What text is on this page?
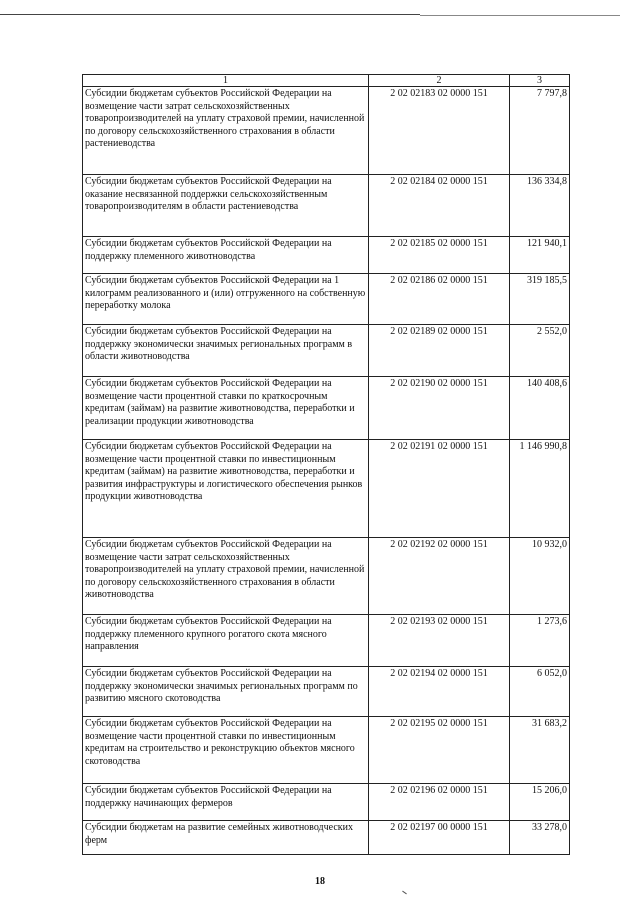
1	2	3
Субсидии бюджетам субъектов Российской Федерации на возмещение части затрат сельскохозяйственных товаропроизводителей на уплату страховой премии, начисленной по договору сельскохозяйственного страхования в области растениеводства	2 02 02183 02 0000 151	7 797,8
Субсидии бюджетам субъектов Российской Федерации на оказание несвязанной поддержки сельскохозяйственным товаропроизводителям в области растениеводства	2 02 02184 02 0000 151	136 334,8
Субсидии бюджетам субъектов Российской Федерации на поддержку племенного животноводства	2 02 02185 02 0000 151	121 940,1
Субсидии бюджетам субъектов Российской Федерации на 1 килограмм реализованного и (или) отгруженного на собственную переработку молока	2 02 02186 02 0000 151	319 185,5
Субсидии бюджетам субъектов Российской Федерации на поддержку экономически значимых региональных программ в области животноводства	2 02 02189 02 0000 151	2 552,0
Субсидии бюджетам субъектов Российской Федерации на возмещение части процентной ставки по краткосрочным кредитам (займам) на развитие животноводства, переработки и реализации продукции животноводства	2 02 02190 02 0000 151	140 408,6
Субсидии бюджетам субъектов Российской Федерации на возмещение части процентной ставки по инвестиционным кредитам (займам) на развитие животноводства, переработки и развития инфраструктуры и логистического обеспечения рынков продукции животноводства	2 02 02191 02 0000 151	1 146 990,8
Субсидии бюджетам субъектов Российской Федерации на возмещение части затрат сельскохозяйственных товаропроизводителей на уплату страховой премии, начисленной по договору сельскохозяйственного страхования в области животноводства	2 02 02192 02 0000 151	10 932,0
Субсидии бюджетам субъектов Российской Федерации на поддержку племенного крупного рогатого скота мясного направления	2 02 02193 02 0000 151	1 273,6
Субсидии бюджетам субъектов Российской Федерации на поддержку экономически значимых региональных программ по развитию мясного скотоводства	2 02 02194 02 0000 151	6 052,0
Субсидии бюджетам субъектов Российской Федерации на возмещение части процентной ставки по инвестиционным кредитам на строительство и реконструкцию объектов мясного скотоводства	2 02 02195 02 0000 151	31 683,2
Субсидии бюджетам субъектов Российской Федерации на поддержку начинающих фермеров	2 02 02196 02 0000 151	15 206,0
Субсидии бюджетам на развитие семейных животноводческих ферм	2 02 02197 00 0000 151	33 278,0
18
